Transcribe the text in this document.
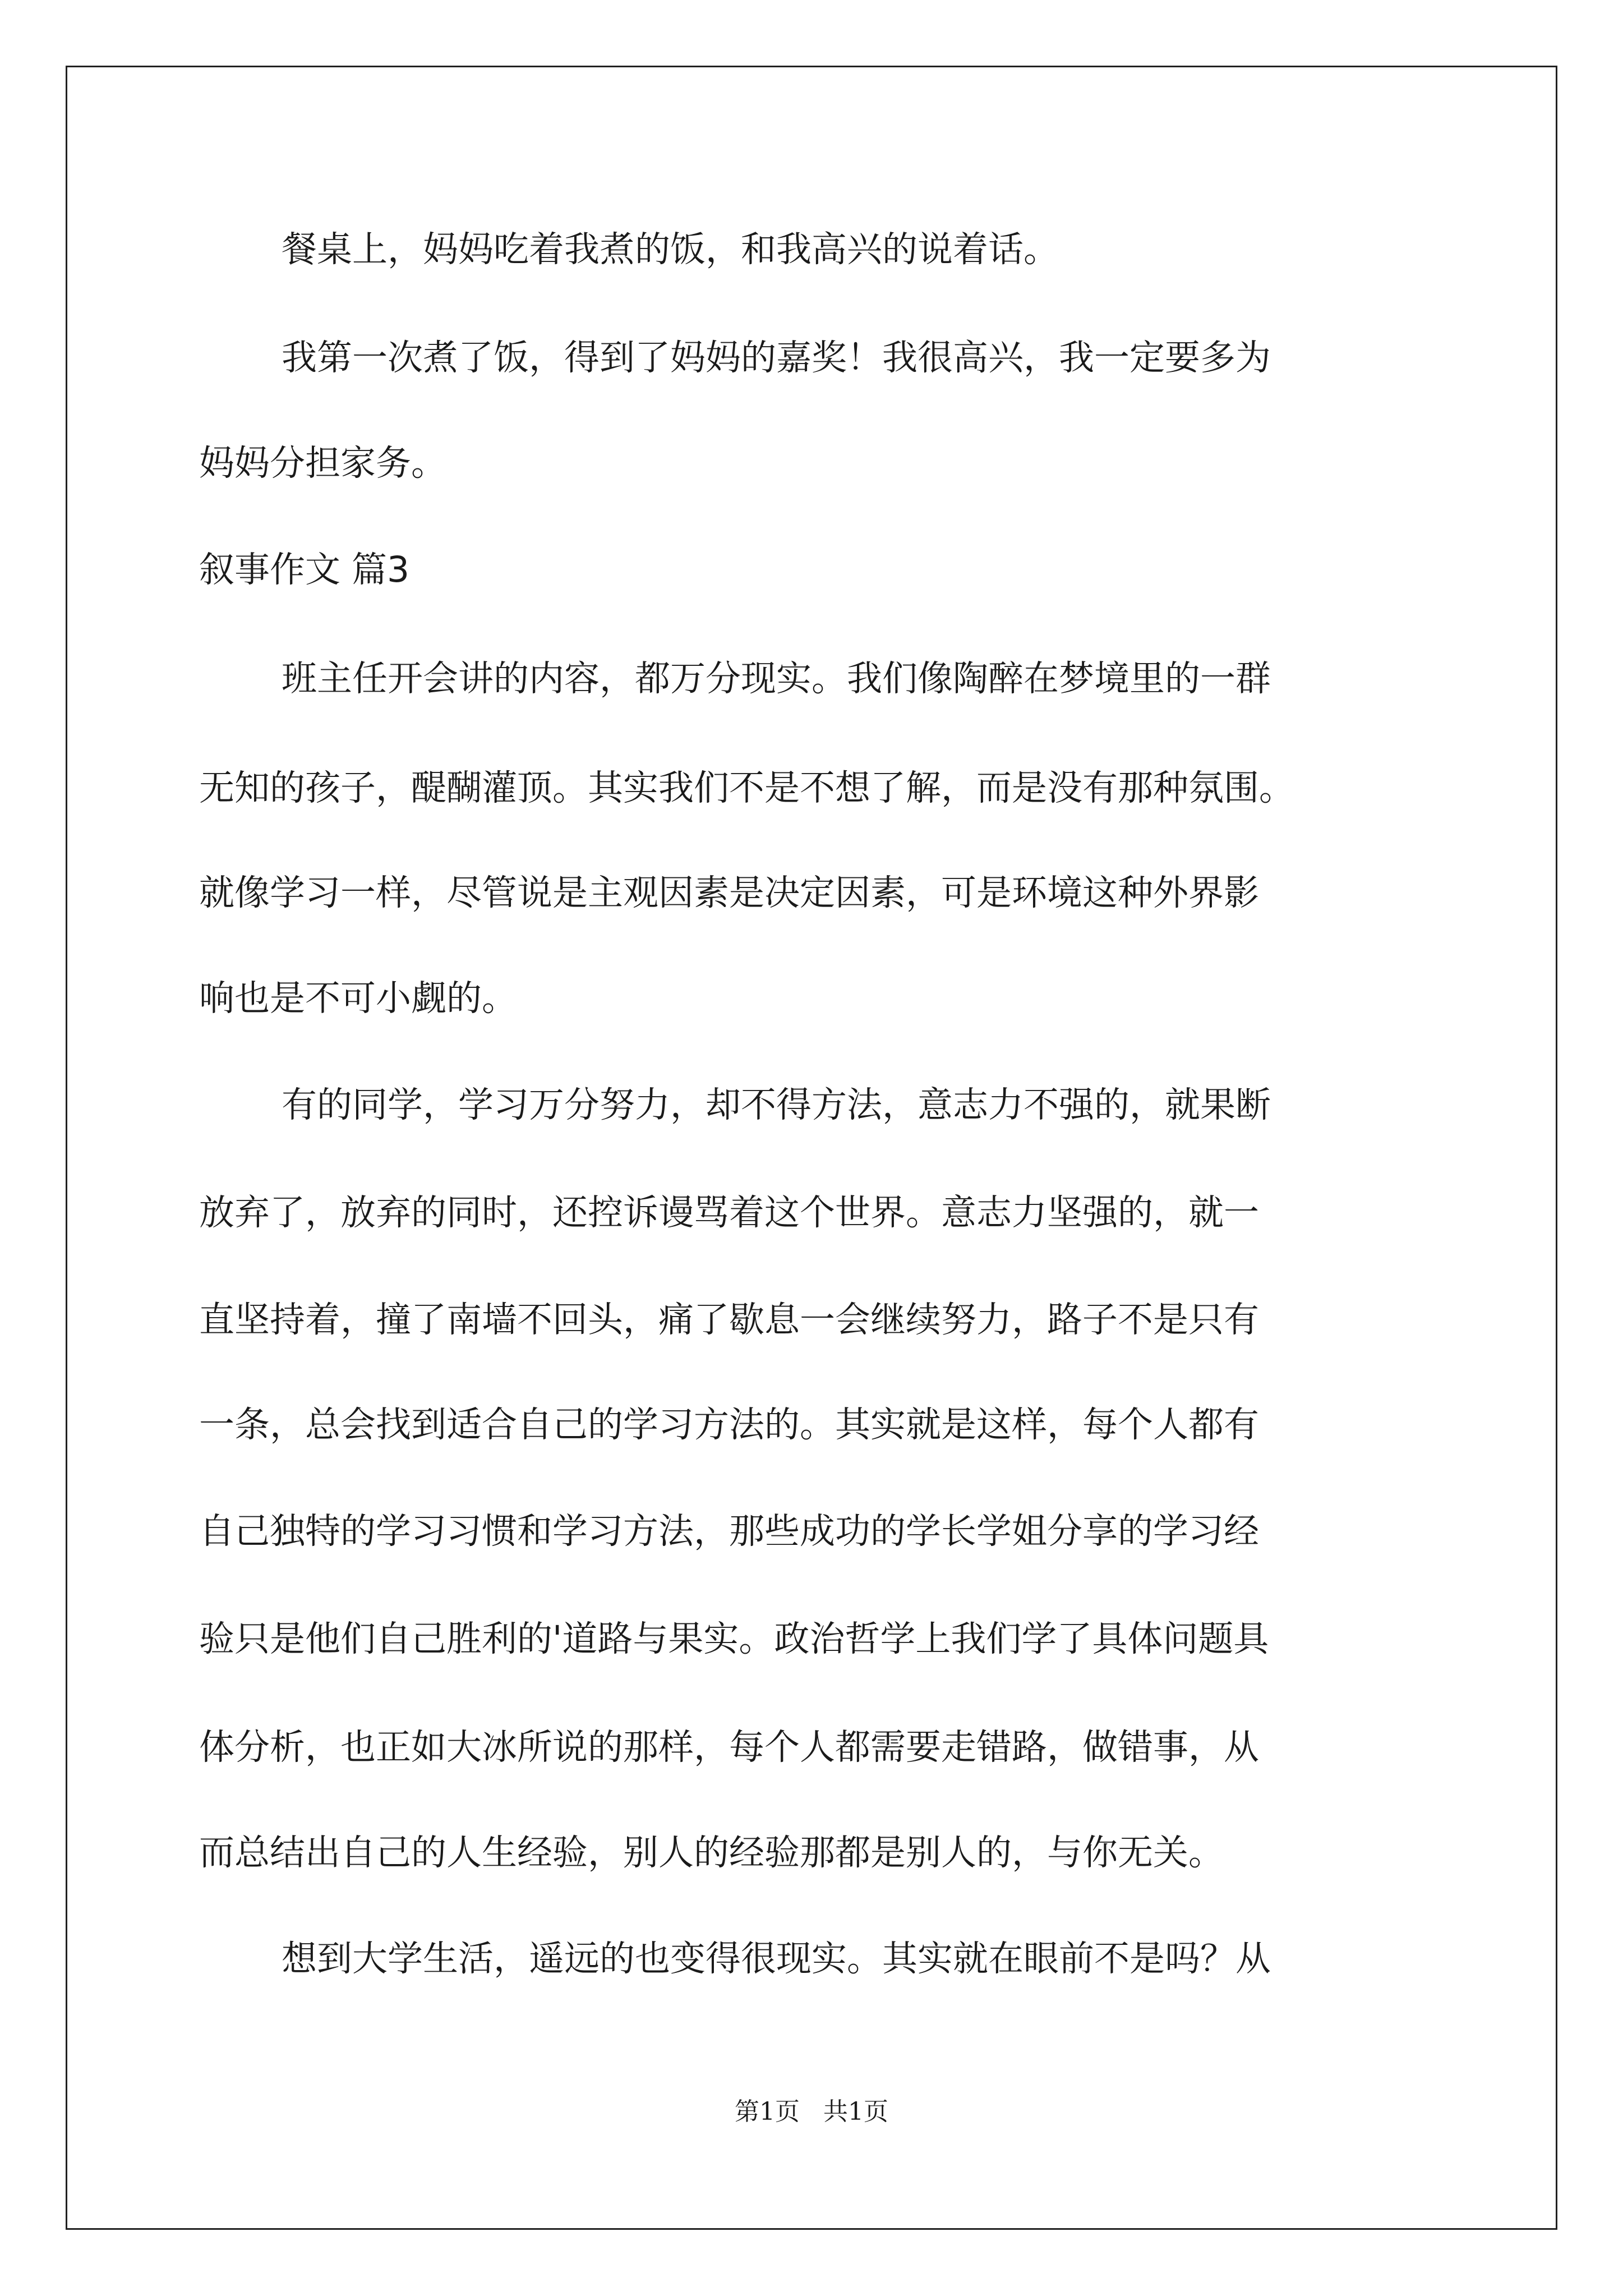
餐桌上，妈妈吃着我煮的饭，和我高兴的说着话。
我第一次煮了饭，得到了妈妈的嘉奖！我很高兴，我一定要多为
妈妈分担家务。
叙事作文 篇3
班主任开会讲的内容，都万分现实。我们像陶醉在梦境里的一群
无知的孩子，醍醐灌顶。其实我们不是不想了解，而是没有那种氛围。
就像学习一样，尽管说是主观因素是决定因素，可是环境这种外界影
响也是不可小觑的。
有的同学，学习万分努力，却不得方法，意志力不强的，就果断
放弃了，放弃的同时，还控诉谩骂着这个世界。意志力坚强的，就一
直坚持着，撞了南墙不回头，痛了歇息一会继续努力，路子不是只有
一条，总会找到适合自己的学习方法的。其实就是这样，每个人都有
自己独特的学习习惯和学习方法，那些成功的学长学姐分享的学习经
验只是他们自己胜利的'道路与果实。政治哲学上我们学了具体问题具
体分析，也正如大冰所说的那样，每个人都需要走错路，做错事，从
而总结出自己的人生经验，别人的经验那都是别人的，与你无关。
想到大学生活，遥远的也变得很现实。其实就在眼前不是吗？从
第1页 共1页
